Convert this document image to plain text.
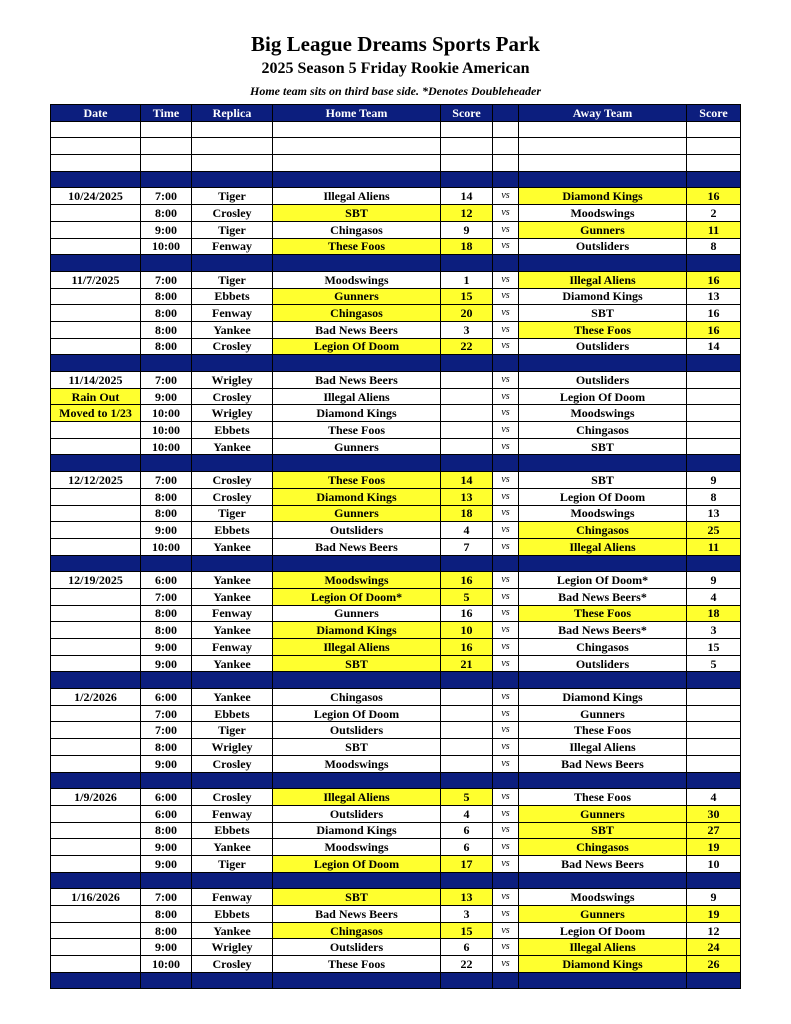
Big League Dreams Sports Park
2025 Season 5 Friday Rookie American
Home team sits on third base side. *Denotes Doubleheader
Date	Time	Replica	Home Team	Score		Away Team	Score

10/24/2025	7:00	Tiger	Illegal Aliens	14	vs	Diamond Kings	16
	8:00	Crosley	SBT	12	vs	Moodswings	2
	9:00	Tiger	Chingasos	9	vs	Gunners	11
	10:00	Fenway	These Foos	18	vs	Outsliders	8

11/7/2025	7:00	Tiger	Moodswings	1	vs	Illegal Aliens	16
	8:00	Ebbets	Gunners	15	vs	Diamond Kings	13
	8:00	Fenway	Chingasos	20	vs	SBT	16
	8:00	Yankee	Bad News Beers	3	vs	These Foos	16
	8:00	Crosley	Legion Of Doom	22	vs	Outsliders	14

11/14/2025	7:00	Wrigley	Bad News Beers		vs	Outsliders	
Rain Out	9:00	Crosley	Illegal Aliens		vs	Legion Of Doom	
Moved to 1/23	10:00	Wrigley	Diamond Kings		vs	Moodswings	
	10:00	Ebbets	These Foos		vs	Chingasos	
	10:00	Yankee	Gunners		vs	SBT	

12/12/2025	7:00	Crosley	These Foos	14	vs	SBT	9
	8:00	Crosley	Diamond Kings	13	vs	Legion Of Doom	8
	8:00	Tiger	Gunners	18	vs	Moodswings	13
	9:00	Ebbets	Outsliders	4	vs	Chingasos	25
	10:00	Yankee	Bad News Beers	7	vs	Illegal Aliens	11

12/19/2025	6:00	Yankee	Moodswings	16	vs	Legion Of Doom*	9
	7:00	Yankee	Legion Of Doom*	5	vs	Bad News Beers*	4
	8:00	Fenway	Gunners	16	vs	These Foos	18
	8:00	Yankee	Diamond Kings	10	vs	Bad News Beers*	3
	9:00	Fenway	Illegal Aliens	16	vs	Chingasos	15
	9:00	Yankee	SBT	21	vs	Outsliders	5

1/2/2026	6:00	Yankee	Chingasos		vs	Diamond Kings	
	7:00	Ebbets	Legion Of Doom		vs	Gunners	
	7:00	Tiger	Outsliders		vs	These Foos	
	8:00	Wrigley	SBT		vs	Illegal Aliens	
	9:00	Crosley	Moodswings		vs	Bad News Beers	

1/9/2026	6:00	Crosley	Illegal Aliens	5	vs	These Foos	4
	6:00	Fenway	Outsliders	4	vs	Gunners	30
	8:00	Ebbets	Diamond Kings	6	vs	SBT	27
	9:00	Yankee	Moodswings	6	vs	Chingasos	19
	9:00	Tiger	Legion Of Doom	17	vs	Bad News Beers	10

1/16/2026	7:00	Fenway	SBT	13	vs	Moodswings	9
	8:00	Ebbets	Bad News Beers	3	vs	Gunners	19
	8:00	Yankee	Chingasos	15	vs	Legion Of Doom	12
	9:00	Wrigley	Outsliders	6	vs	Illegal Aliens	24
	10:00	Crosley	These Foos	22	vs	Diamond Kings	26
